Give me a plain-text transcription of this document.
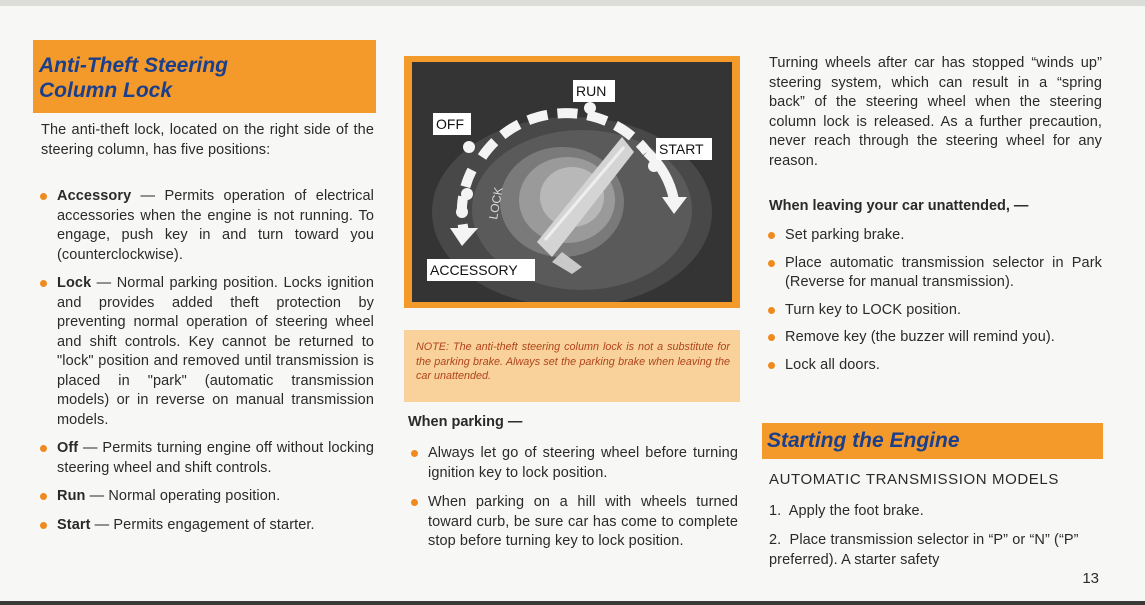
Anti-Theft Steering
Column Lock

The anti-theft lock, located on the right side of the steering column, has five positions:

Accessory — Permits operation of electrical accessories when the engine is not running. To engage, push key in and turn toward you (counterclockwise).
Lock — Normal parking position. Locks ignition and provides added theft protection by preventing normal operation of steering wheel and shift controls. Key cannot be returned to "lock" position and removed until transmission is placed in "park" (automatic transmission models) or in reverse on manual transmission models.
Off — Permits turning engine off without locking steering wheel and shift controls.
Run — Normal operating position.
Start — Permits engagement of starter.
LOCK
OFF
RUN
START
ACCESSORY
NOTE: The anti-theft steering column lock is not a substitute for the parking brake. Always set the parking brake when leaving the car unattended.
When parking —
Always let go of steering wheel before turning ignition key to lock position.
When parking on a hill with wheels turned toward curb, be sure car has come to complete stop before turning key to lock position.

Turning wheels after car has stopped “winds up” steering system, which can result in a “spring back” of the steering wheel when the steering column lock is released. As a further precaution, never reach through the steering wheel for any reason.

When leaving your car unattended, —
Set parking brake.
Place automatic transmission selector in Park (Reverse for manual transmission).
Turn key to LOCK position.
Remove key (the buzzer will remind you).
Lock all doors.
Starting the Engine
AUTOMATIC TRANSMISSION MODELS

1.  Apply the foot brake.

2.  Place transmission selector in “P” or “N” (“P” preferred). A starter safety

13
